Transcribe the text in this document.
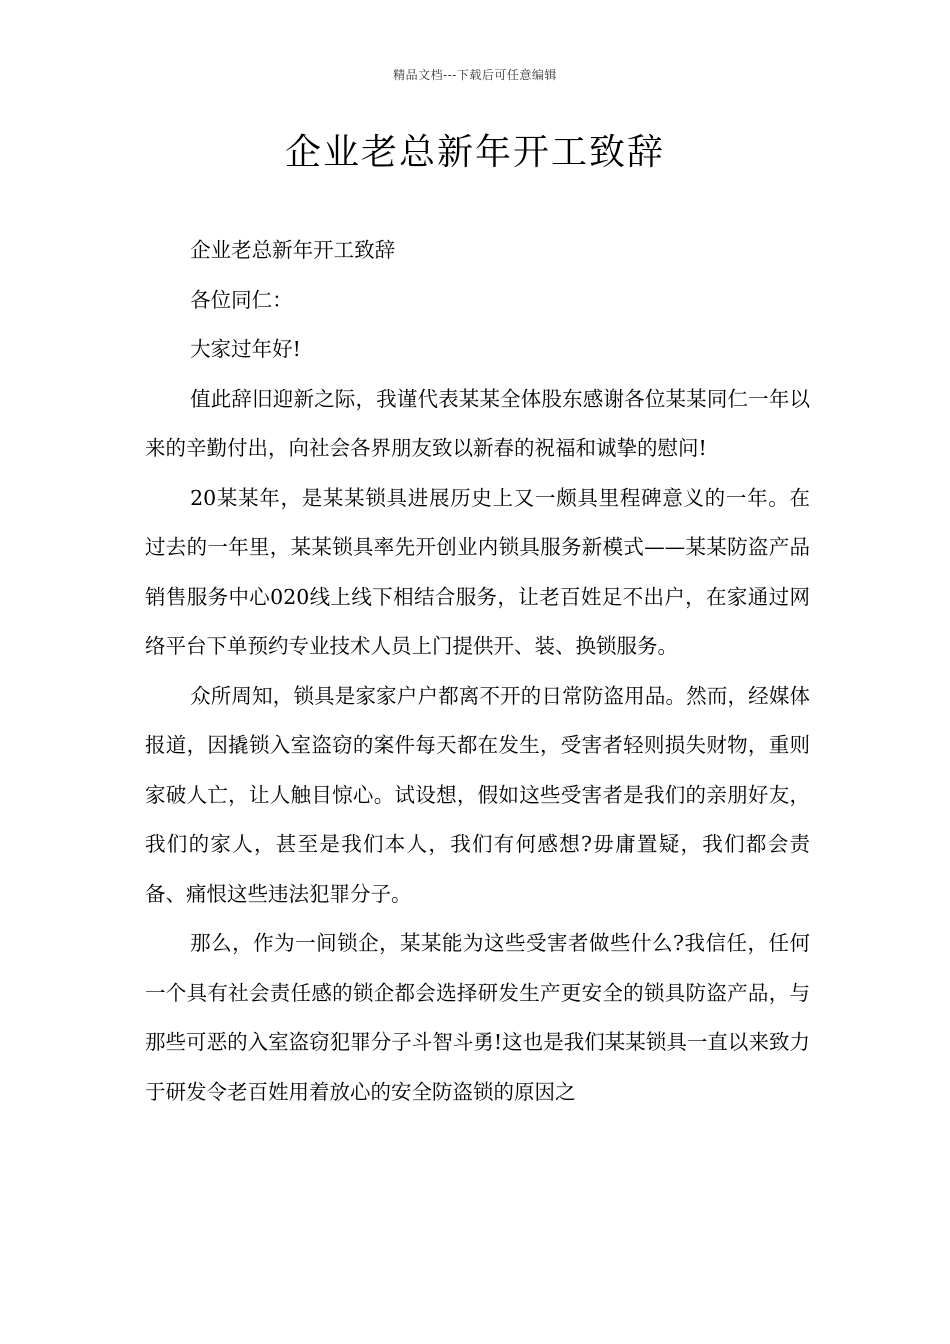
精品文档---下载后可任意编辑
企业老总新年开工致辞

企业老总新年开工致辞

各位同仁：

大家过年好!

值此辞旧迎新之际，我谨代表某某全体股东感谢各位某某同仁一年以来的辛勤付出，向社会各界朋友致以新春的祝福和诚挚的慰问!

20某某年，是某某锁具进展历史上又一颇具里程碑意义的一年。在过去的一年里，某某锁具率先开创业内锁具服务新模式——某某防盗产品销售服务中心020线上线下相结合服务，让老百姓足不出户，在家通过网络平台下单预约专业技术人员上门提供开、装、换锁服务。

众所周知，锁具是家家户户都离不开的日常防盗用品。然而，经媒体报道，因撬锁入室盗窃的案件每天都在发生，受害者轻则损失财物，重则家破人亡，让人触目惊心。试设想，假如这些受害者是我们的亲朋好友，我们的家人，甚至是我们本人，我们有何感想?毋庸置疑，我们都会责备、痛恨这些违法犯罪分子。

那么，作为一间锁企，某某能为这些受害者做些什么?我信任，任何一个具有社会责任感的锁企都会选择研发生产更安全的锁具防盗产品，与那些可恶的入室盗窃犯罪分子斗智斗勇!这也是我们某某锁具一直以来致力于研发令老百姓用着放心的安全防盗锁的原因之
